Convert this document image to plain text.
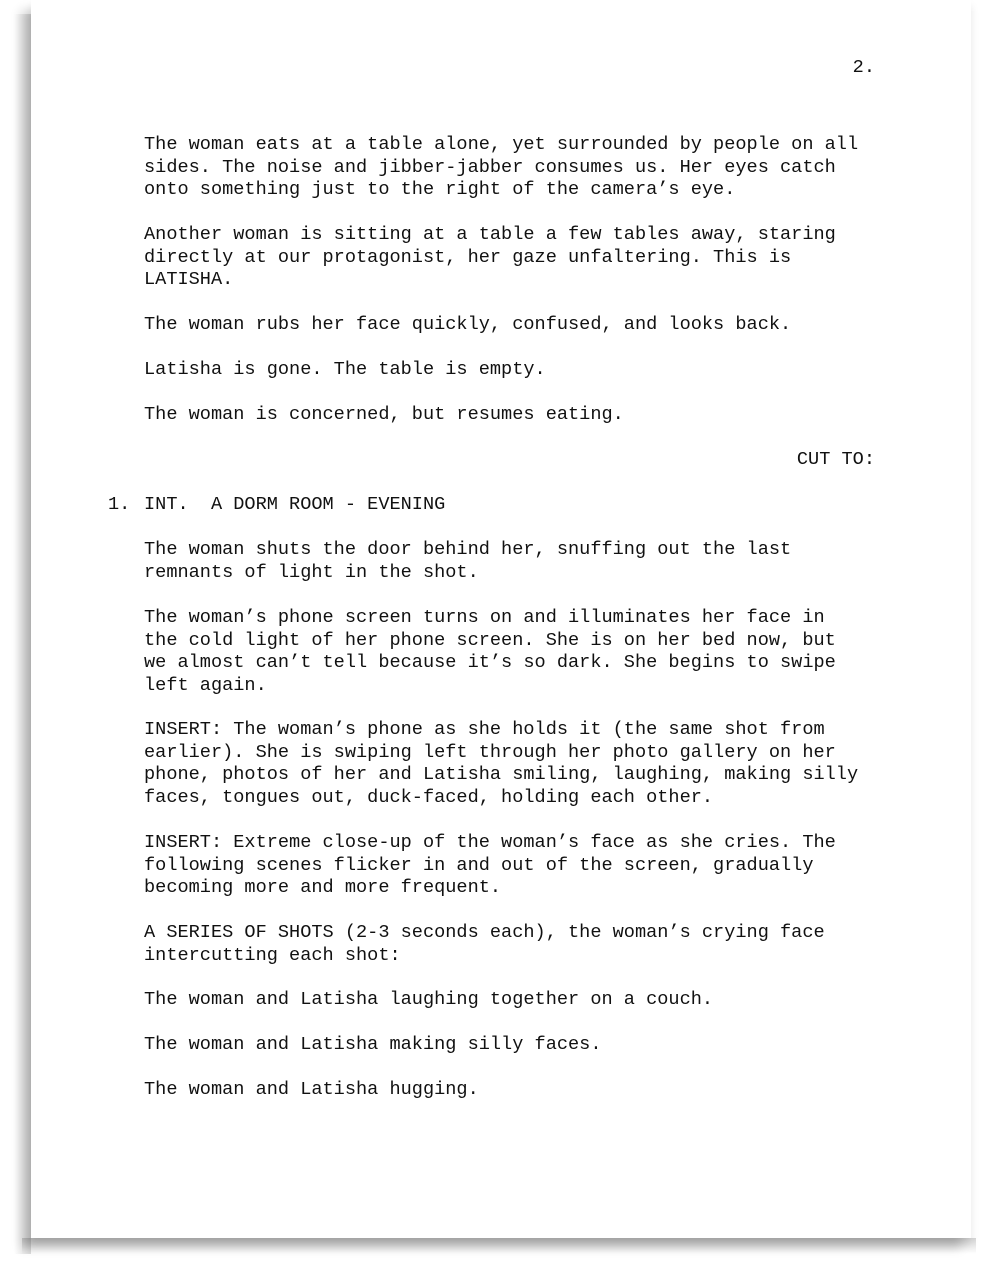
2.
The woman eats at a table alone, yet surrounded by people on all
sides. The noise and jibber-jabber consumes us. Her eyes catch
onto something just to the right of the camera’s eye.
Another woman is sitting at a table a few tables away, staring
directly at our protagonist, her gaze unfaltering. This is
LATISHA.
The woman rubs her face quickly, confused, and looks back.
Latisha is gone. The table is empty.
The woman is concerned, but resumes eating.
CUT TO:
1. INT.  A DORM ROOM - EVENING
The woman shuts the door behind her, snuffing out the last
remnants of light in the shot.
The woman’s phone screen turns on and illuminates her face in
the cold light of her phone screen. She is on her bed now, but
we almost can’t tell because it’s so dark. She begins to swipe
left again.
INSERT: The woman’s phone as she holds it (the same shot from
earlier). She is swiping left through her photo gallery on her
phone, photos of her and Latisha smiling, laughing, making silly
faces, tongues out, duck-faced, holding each other.
INSERT: Extreme close-up of the woman’s face as she cries. The
following scenes flicker in and out of the screen, gradually
becoming more and more frequent.
A SERIES OF SHOTS (2-3 seconds each), the woman’s crying face
intercutting each shot:
The woman and Latisha laughing together on a couch.
The woman and Latisha making silly faces.
The woman and Latisha hugging.
